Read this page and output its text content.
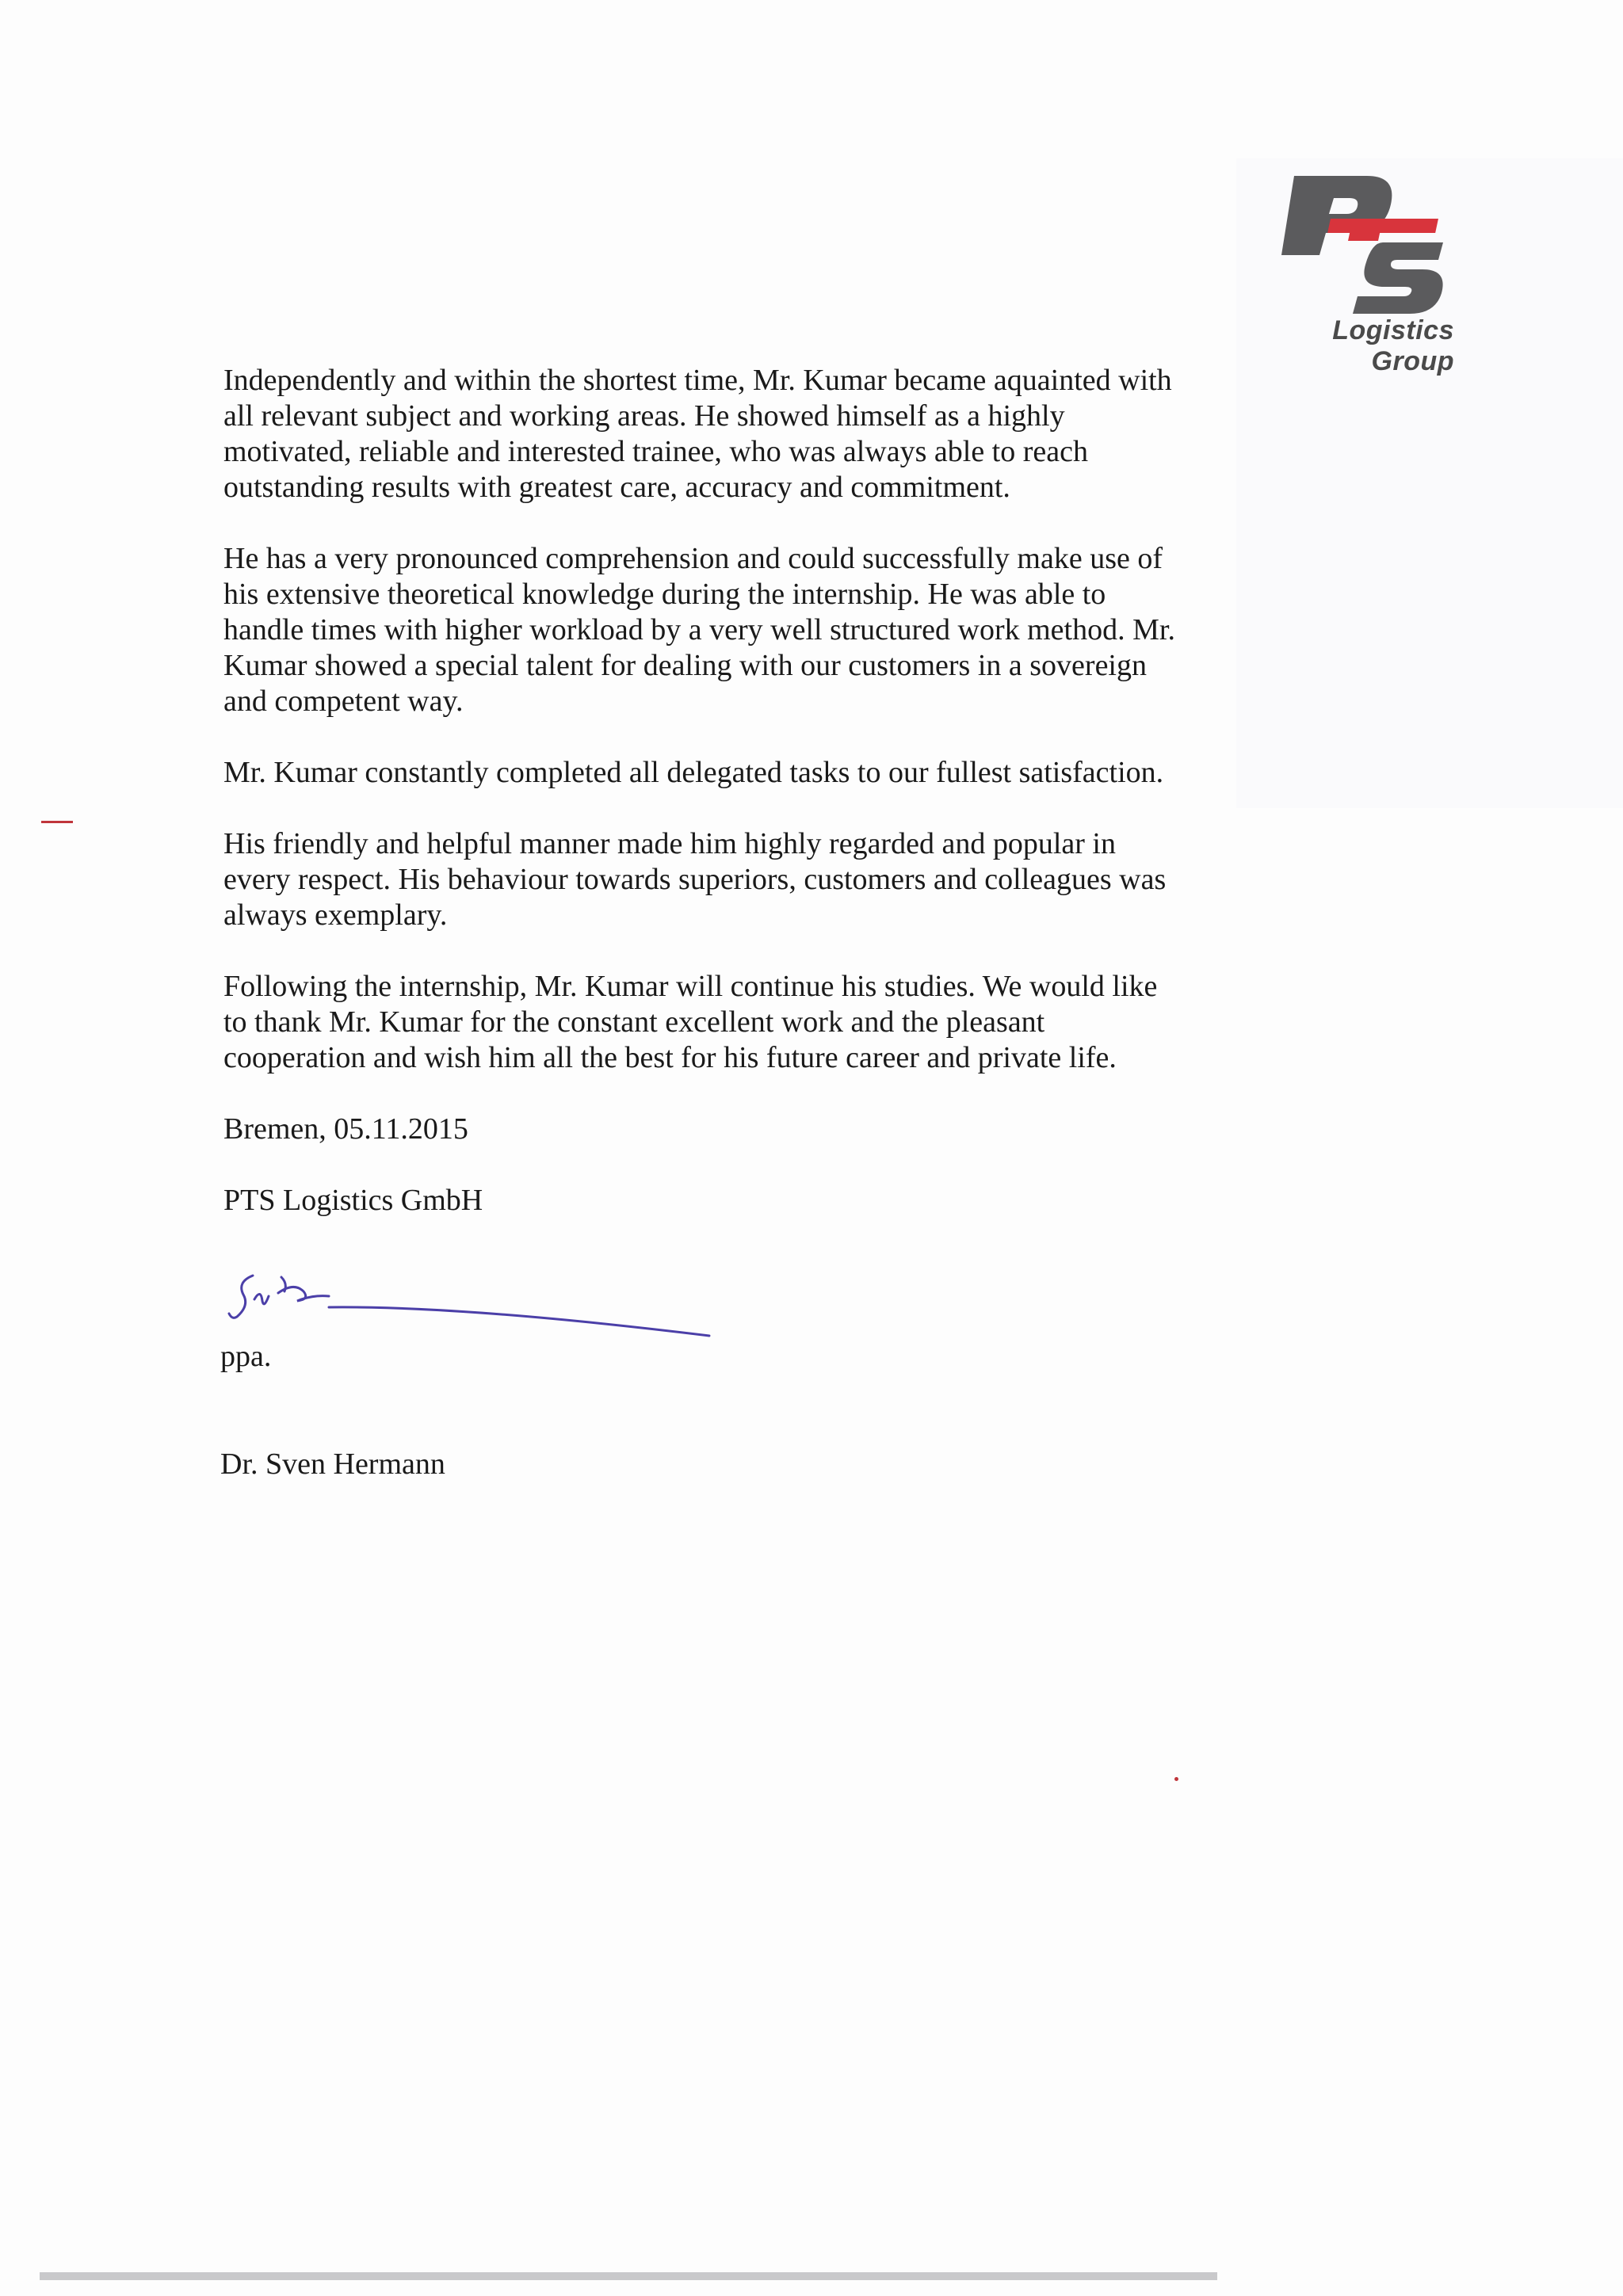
Logistics Group

Independently and within the shortest time, Mr. Kumar became aquainted with
all relevant subject and working areas. He showed himself as a highly
motivated, reliable and interested trainee, who was always able to reach
outstanding results with greatest care, accuracy and commitment.

He has a very pronounced comprehension and could successfully make use of
his extensive theoretical knowledge during the internship. He was able to
handle times with higher workload by a very well structured work method. Mr.
Kumar showed a special talent for dealing with our customers in a sovereign
and competent way.

Mr. Kumar constantly completed all delegated tasks to our fullest satisfaction.

His friendly and helpful manner made him highly regarded and popular in
every respect. His behaviour towards superiors, customers and colleagues was
always exemplary.

Following the internship, Mr. Kumar will continue his studies. We would like
to thank Mr. Kumar for the constant excellent work and the pleasant
cooperation and wish him all the best for his future career and private life.

Bremen, 05.11.2015

PTS Logistics GmbH

ppa.
Dr. Sven Hermann
